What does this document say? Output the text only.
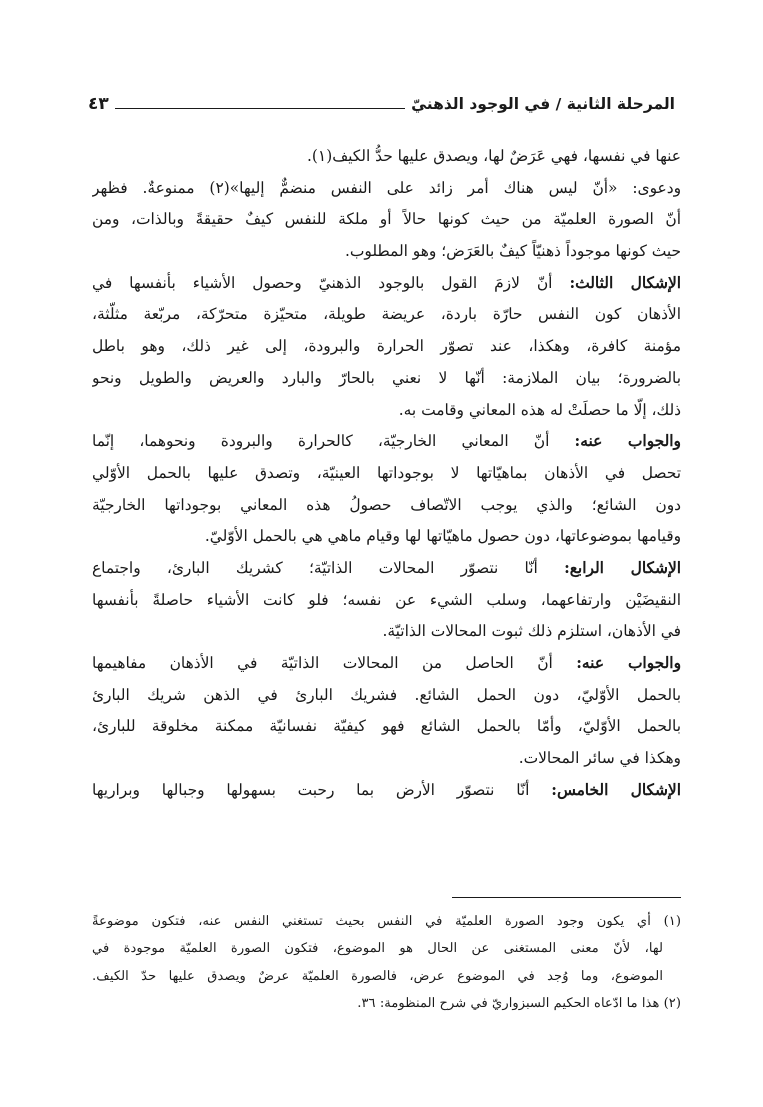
المرحلة الثانية / في الوجود الذهنيّ
٤٣
عنها في نفسها، فهي عَرَضٌ لها، ويصدق عليها حدُّ الكيف(١).
ودعوى: «أنّ ليس هناك أمر زائد على النفس منضمٌّ إليها»(٢) ممنوعةٌ. فظهر
أنّ الصورة العلميّة من حيث كونها حالاً أو ملكة للنفس كيفٌ حقيقةً وبالذات، ومن
حيث كونها موجوداً ذهنيّاً كيفٌ بالعَرَض؛ وهو المطلوب.
الإشكال الثالث: أنّ لازمَ القول بالوجود الذهنيّ وحصول الأشياء بأنفسها في
الأذهان كون النفس حارّة باردة، عريضة طويلة، متحيّزة متحرّكة، مربّعة مثلّثة،
مؤمنة كافرة، وهكذا، عند تصوّر الحرارة والبرودة، إلى غير ذلك، وهو باطل
بالضرورة؛ بيان الملازمة: أنّها لا نعني بالحارّ والبارد والعريض والطويل ونحو
ذلك، إلّا ما حصلَتْ له هذه المعاني وقامت به.
والجواب عنه: أنّ المعاني الخارجيّة، كالحرارة والبرودة ونحوهما، إنّما
تحصل في الأذهان بماهيّاتها لا بوجوداتها العينيّة، وتصدق عليها بالحمل الأوّلي
دون الشائع؛ والذي يوجب الاتّصاف حصولُ هذه المعاني بوجوداتها الخارجيّة
وقيامها بموضوعاتها، دون حصول ماهيّاتها لها وقيام ماهي هي بالحمل الأوّليّ.
الإشكال الرابع: أنّا نتصوّر المحالات الذاتيّة؛ كشريك البارئ، واجتماع
النقيضَيْن وارتفاعهما، وسلب الشيء عن نفسه؛ فلو كانت الأشياء حاصلةً بأنفسها
في الأذهان، استلزم ذلك ثبوت المحالات الذاتيّة.
والجواب عنه: أنّ الحاصل من المحالات الذاتيّة في الأذهان مفاهيمها
بالحمل الأوّليّ، دون الحمل الشائع. فشريك البارئ في الذهن شريك البارئ
بالحمل الأوّليّ، وأمّا بالحمل الشائع فهو كيفيّة نفسانيّة ممكنة مخلوقة للبارئ،
وهكذا في سائر المحالات.
الإشكال الخامس: أنّا نتصوّر الأرض بما رحبت بسهولها وجبالها وبراريها
(١) أي يكون وجود الصورة العلميّة في النفس بحيث تستغني النفس عنه، فتكون موضوعةً
لها، لأنّ معنى المستغنى عن الحال هو الموضوع، فتكون الصورة العلميّة موجودة في
الموضوع، وما وُجد في الموضوع عرض، فالصورة العلميّة عرضٌ ويصدق عليها حدّ الكيف.
(٢) هذا ما ادّعاه الحكيم السبزواريّ في شرح المنظومة: ٣٦.
